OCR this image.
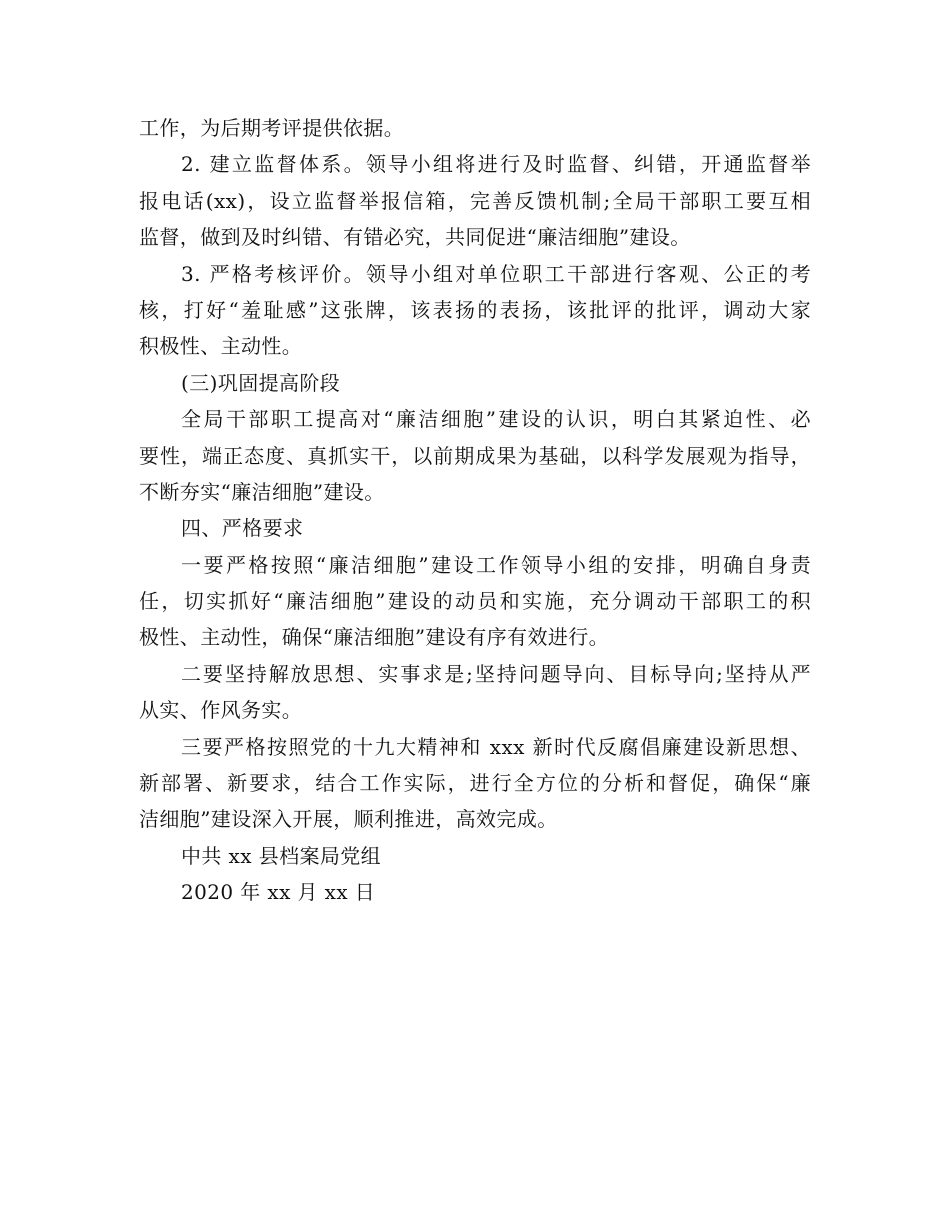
工作，为后期考评提供依据。
2. 建立监督体系。领导小组将进行及时监督、纠错，开通监督举
报电话(xx)，设立监督举报信箱，完善反馈机制;全局干部职工要互相
监督，做到及时纠错、有错必究，共同促进“廉洁细胞”建设。
3. 严格考核评价。领导小组对单位职工干部进行客观、公正的考
核，打好“羞耻感”这张牌，该表扬的表扬，该批评的批评，调动大家
积极性、主动性。
(三)巩固提高阶段
全局干部职工提高对“廉洁细胞”建设的认识，明白其紧迫性、必
要性，端正态度、真抓实干，以前期成果为基础，以科学发展观为指导，
不断夯实“廉洁细胞”建设。
四、严格要求
一要严格按照“廉洁细胞”建设工作领导小组的安排，明确自身责
任，切实抓好“廉洁细胞”建设的动员和实施，充分调动干部职工的积
极性、主动性，确保“廉洁细胞”建设有序有效进行。
二要坚持解放思想、实事求是;坚持问题导向、目标导向;坚持从严
从实、作风务实。
三要严格按照党的十九大精神和 xxx 新时代反腐倡廉建设新思想、
新部署、新要求，结合工作实际，进行全方位的分析和督促，确保“廉
洁细胞”建设深入开展，顺利推进，高效完成。
中共 xx 县档案局党组
2020 年 xx 月 xx 日
